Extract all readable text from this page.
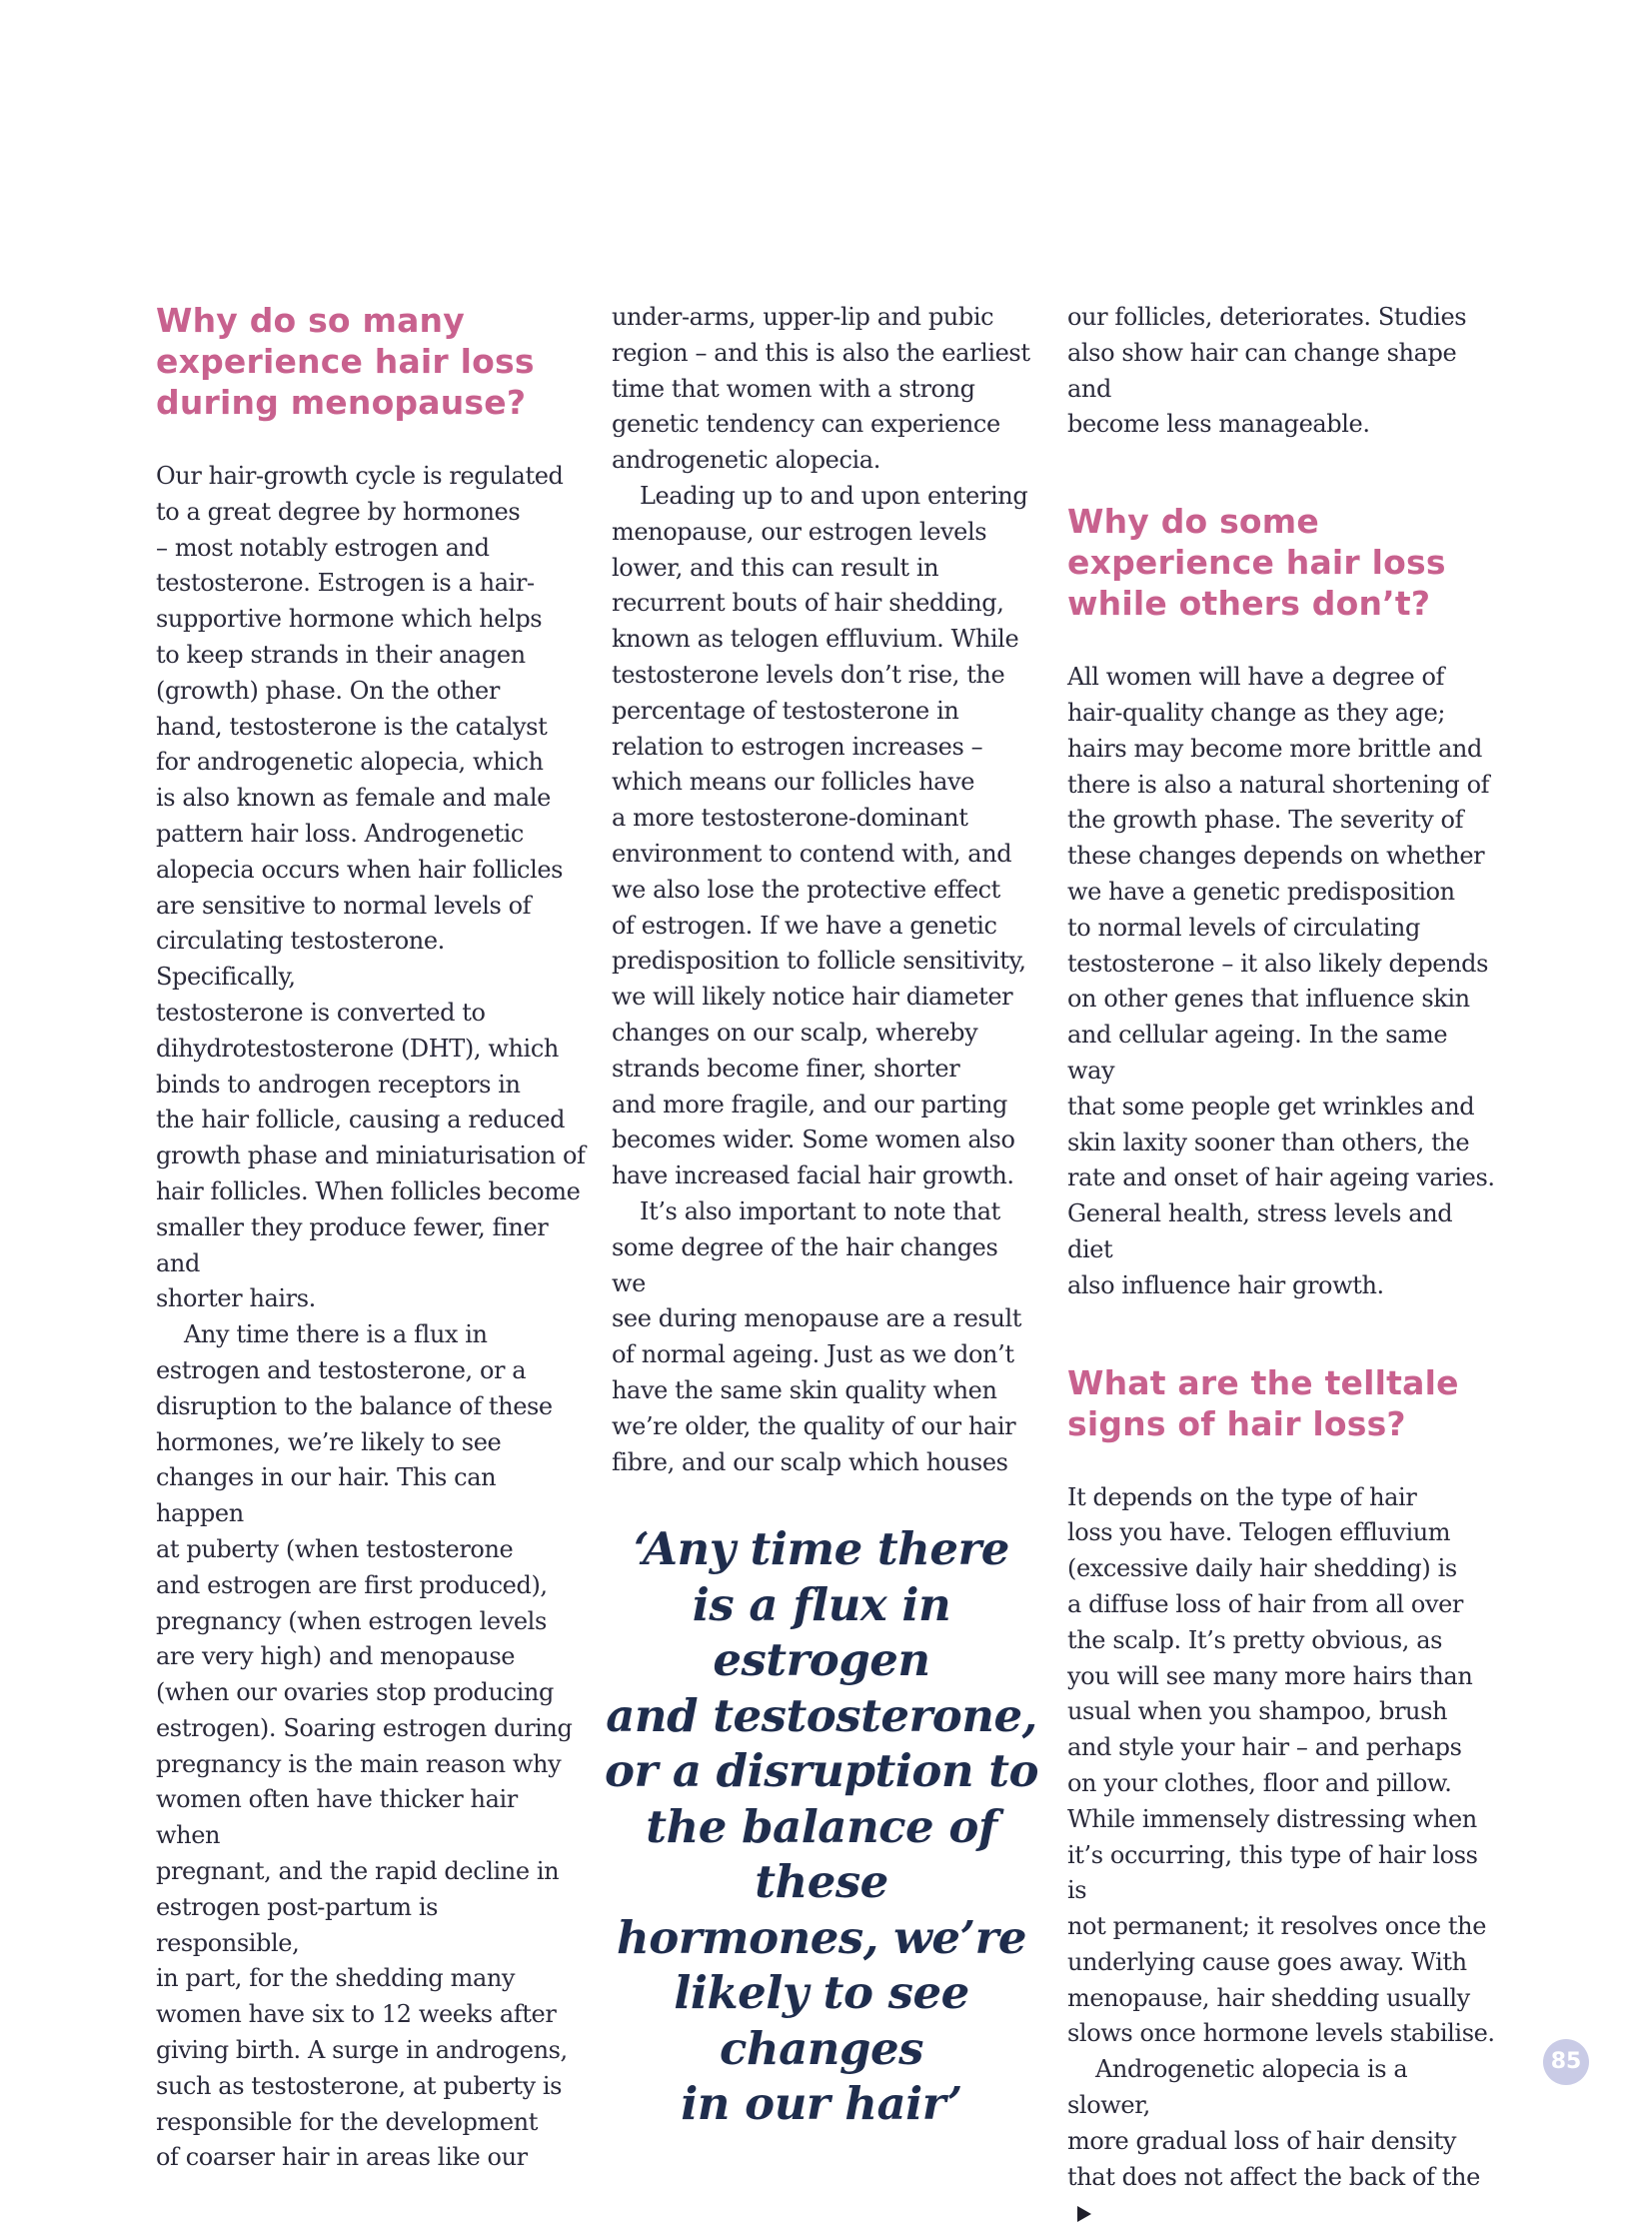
Why do so many
experience hair loss
during menopause?

Our hair-growth cycle is regulated
to a great degree by hormones
– most notably estrogen and
testosterone. Estrogen is a hair-
supportive hormone which helps
to keep strands in their anagen
(growth) phase. On the other
hand, testosterone is the catalyst
for androgenetic alopecia, which
is also known as female and male
pattern hair loss. Androgenetic
alopecia occurs when hair follicles
are sensitive to normal levels of
circulating testosterone. Specifically,
testosterone is converted to
dihydrotestosterone (DHT), which
binds to androgen receptors in
the hair follicle, causing a reduced
growth phase and miniaturisation of
hair follicles. When follicles become
smaller they produce fewer, finer and
shorter hairs.

Any time there is a flux in
estrogen and testosterone, or a
disruption to the balance of these
hormones, we’re likely to see
changes in our hair. This can happen
at puberty (when testosterone
and estrogen are first produced),
pregnancy (when estrogen levels
are very high) and menopause
(when our ovaries stop producing
estrogen). Soaring estrogen during
pregnancy is the main reason why
women often have thicker hair when
pregnant, and the rapid decline in
estrogen post-partum is responsible,
in part, for the shedding many
women have six to 12 weeks after
giving birth. A surge in androgens,
such as testosterone, at puberty is
responsible for the development
of coarser hair in areas like our

under-arms, upper-lip and pubic
region – and this is also the earliest
time that women with a strong
genetic tendency can experience
androgenetic alopecia.

Leading up to and upon entering
menopause, our estrogen levels
lower, and this can result in
recurrent bouts of hair shedding,
known as telogen effluvium. While
testosterone levels don’t rise, the
percentage of testosterone in
relation to estrogen increases –
which means our follicles have
a more testosterone-dominant
environment to contend with, and
we also lose the protective effect
of estrogen. If we have a genetic
predisposition to follicle sensitivity,
we will likely notice hair diameter
changes on our scalp, whereby
strands become finer, shorter
and more fragile, and our parting
becomes wider. Some women also
have increased facial hair growth.

It’s also important to note that
some degree of the hair changes we
see during menopause are a result
of normal ageing. Just as we don’t
have the same skin quality when
we’re older, the quality of our hair
fibre, and our scalp which houses

‘Any time there
is a flux in estrogen
and testosterone,
or a disruption to
the balance of these
hormones, we’re
likely to see changes
in our hair’

our follicles, deteriorates. Studies
also show hair can change shape and
become less manageable.

Why do some
experience hair loss
while others don’t?

All women will have a degree of
hair-quality change as they age;
hairs may become more brittle and
there is also a natural shortening of
the growth phase. The severity of
these changes depends on whether
we have a genetic predisposition
to normal levels of circulating
testosterone – it also likely depends
on other genes that influence skin
and cellular ageing. In the same way
that some people get wrinkles and
skin laxity sooner than others, the
rate and onset of hair ageing varies.
General health, stress levels and diet
also influence hair growth.

What are the telltale
signs of hair loss?

It depends on the type of hair
loss you have. Telogen effluvium
(excessive daily hair shedding) is
a diffuse loss of hair from all over
the scalp. It’s pretty obvious, as
you will see many more hairs than
usual when you shampoo, brush
and style your hair – and perhaps
on your clothes, floor and pillow.
While immensely distressing when
it’s occurring, this type of hair loss is
not permanent; it resolves once the
underlying cause goes away. With
menopause, hair shedding usually
slows once hormone levels stabilise.

Androgenetic alopecia is a slower,
more gradual loss of hair density
that does not affect the back of the

85
